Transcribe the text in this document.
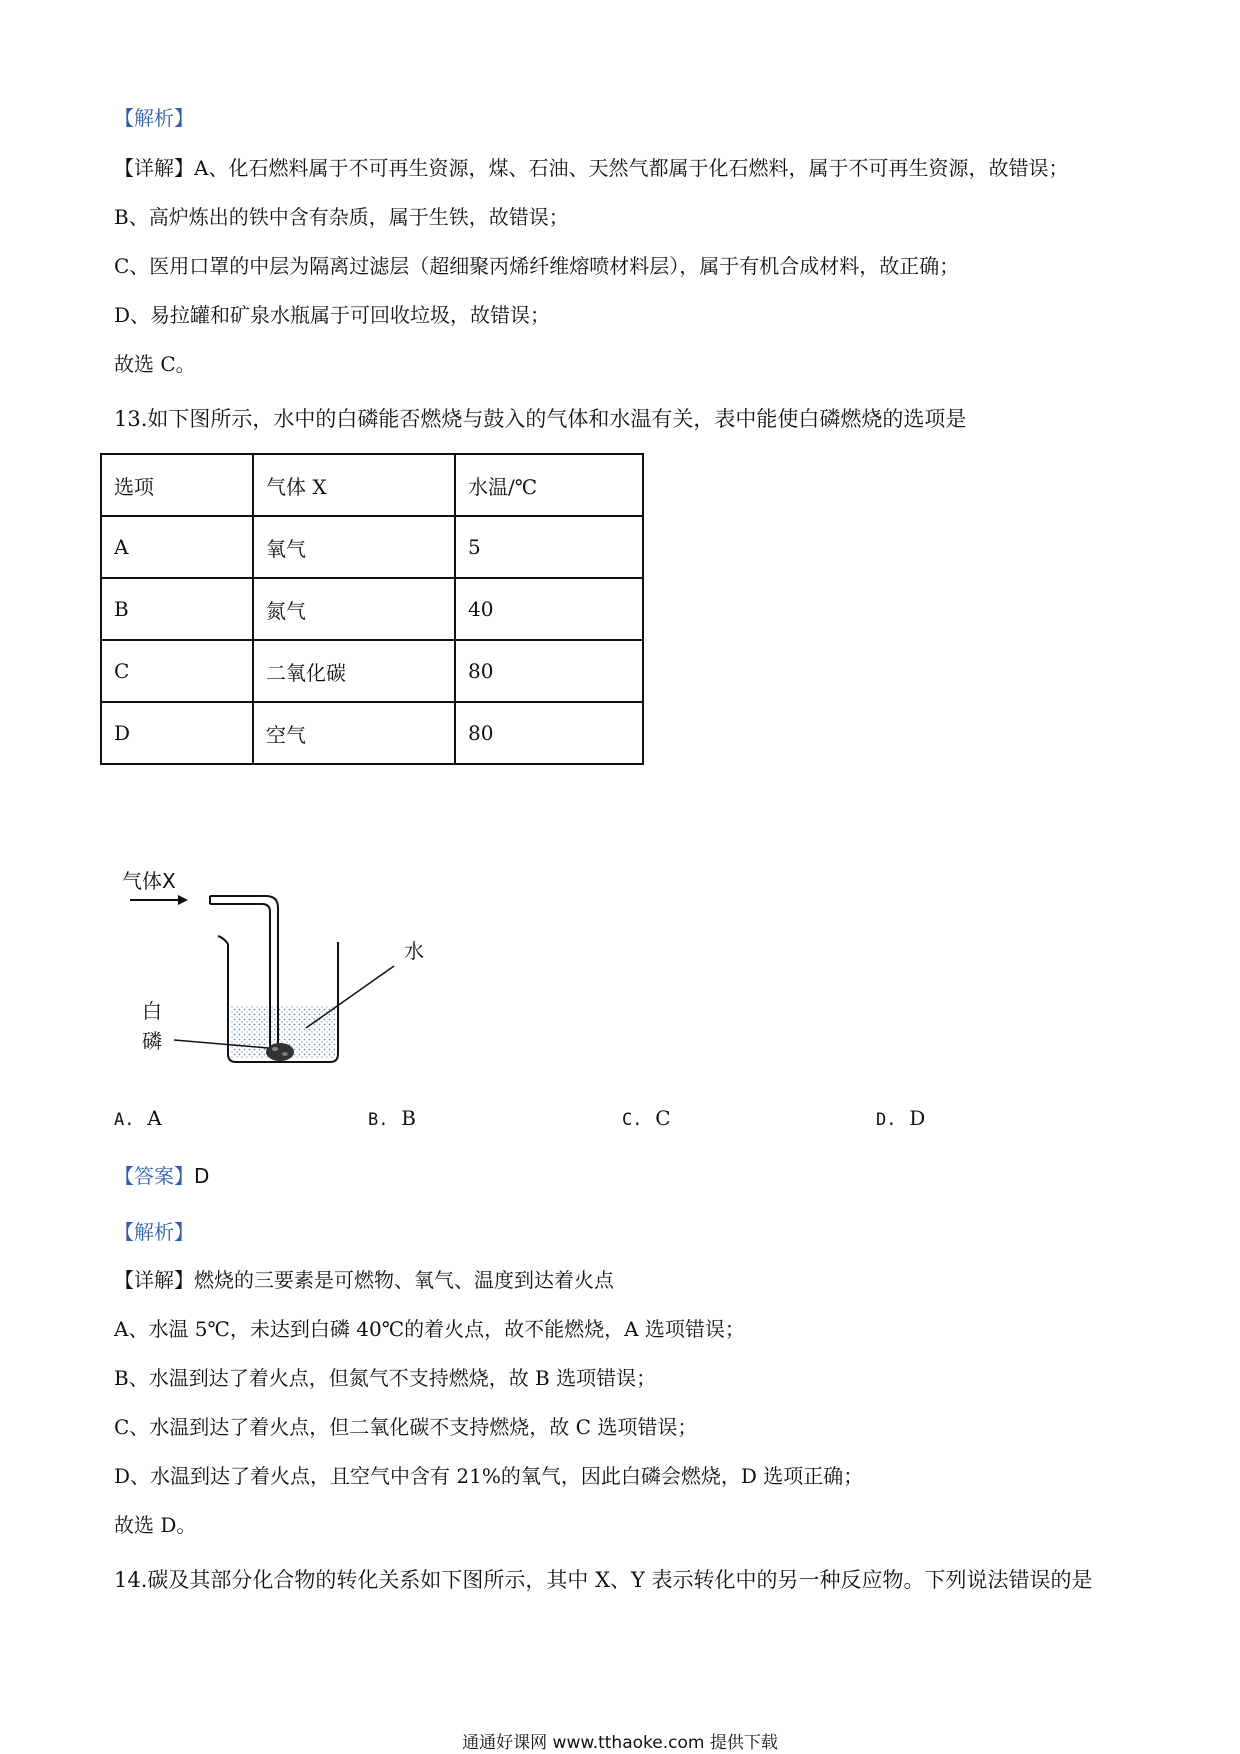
【解析】
【详解】A、化石燃料属于不可再生资源，煤、石油、天然气都属于化石燃料，属于不可再生资源，故错误；
B、高炉炼出的铁中含有杂质，属于生铁，故错误；
C、医用口罩的中层为隔离过滤层（超细聚丙烯纤维熔喷材料层），属于有机合成材料，故正确；
D、易拉罐和矿泉水瓶属于可回收垃圾，故错误；
故选 C。
13.如下图所示，水中的白磷能否燃烧与鼓入的气体和水温有关，表中能使白磷燃烧的选项是
选项	气体 X	水温/℃
A	氧气	5
B	氮气	40
C	二氧化碳	80
D	空气	80
气体X
水
白
磷
A. A	B. B	C. C	D. D
【答案】D
【解析】
【详解】燃烧的三要素是可燃物、氧气、温度到达着火点
A、水温 5℃，未达到白磷 40℃的着火点，故不能燃烧，A 选项错误；
B、水温到达了着火点，但氮气不支持燃烧，故 B 选项错误；
C、水温到达了着火点，但二氧化碳不支持燃烧，故 C 选项错误；
D、水温到达了着火点，且空气中含有 21%的氧气，因此白磷会燃烧，D 选项正确；
故选 D。
14.碳及其部分化合物的转化关系如下图所示，其中 X、Y 表示转化中的另一种反应物。下列说法错误的是
通通好课网 www.tthaoke.com 提供下载
